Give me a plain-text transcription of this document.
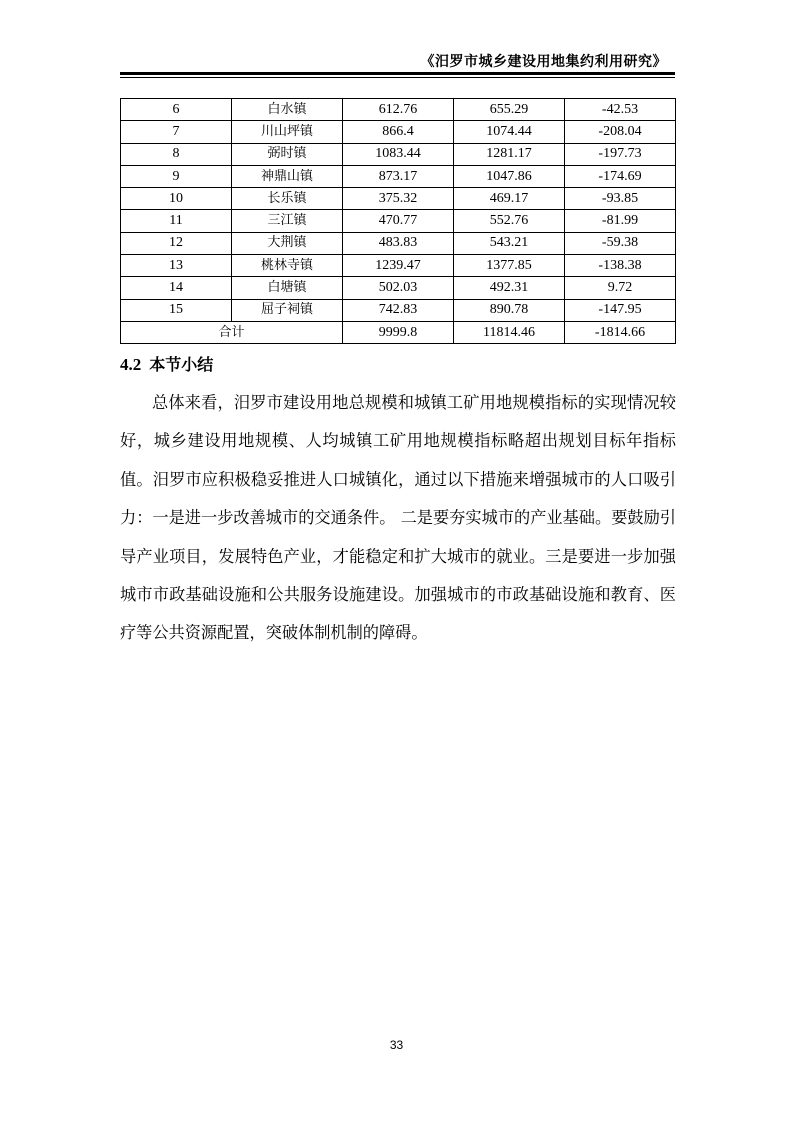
《汨罗市城乡建设用地集约利用研究》
6	白水镇	612.76	655.29	-42.53
7	川山坪镇	866.4	1074.44	-208.04
8	弼时镇	1083.44	1281.17	-197.73
9	神鼎山镇	873.17	1047.86	-174.69
10	长乐镇	375.32	469.17	-93.85
11	三江镇	470.77	552.76	-81.99
12	大荆镇	483.83	543.21	-59.38
13	桃林寺镇	1239.47	1377.85	-138.38
14	白塘镇	502.03	492.31	9.72
15	屈子祠镇	742.83	890.78	-147.95
合计		9999.8	11814.46	-1814.66
4.2 本节小结

总体来看，汨罗市建设用地总规模和城镇工矿用地规模指标的实现情况较好，城乡建设用地规模、人均城镇工矿用地规模指标略超出规划目标年指标值。汨罗市应积极稳妥推进人口城镇化，通过以下措施来增强城市的人口吸引力：一是进一步改善城市的交通条件。 二是要夯实城市的产业基础。要鼓励引导产业项目，发展特色产业，才能稳定和扩大城市的就业。三是要进一步加强城市市政基础设施和公共服务设施建设。加强城市的市政基础设施和教育、医疗等公共资源配置，突破体制机制的障碍。

33
